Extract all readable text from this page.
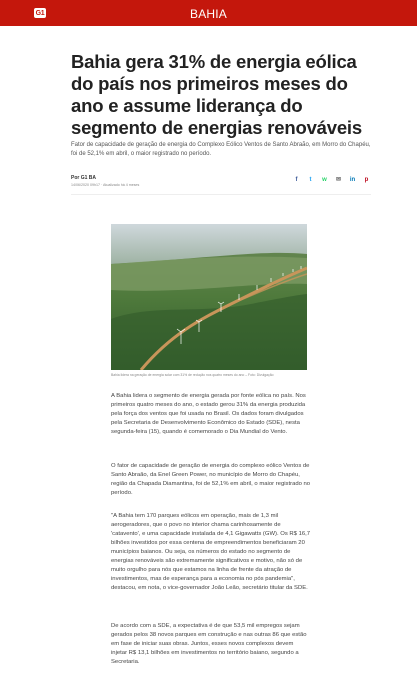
G1	BAHIA
Bahia gera 31% de energia eólica do país nos primeiros meses do ano e assume liderança do segmento de energias renováveis

Fator de capacidade de geração de energia do Complexo Eólico Ventos de Santo Abraão, em Morro do Chapéu, foi de 52,1% em abril, o maior registrado no período.

Por G1 BA
14/06/2020 09h17 · Atualizado há 4 meses
f	t	w ✉ in p
Bahia lidera na geração de energia solar com 31% de redução nos quatro meses do ano – Foto: Divulgação

A Bahia lidera o segmento de energia gerada por fonte eólica no país. Nos primeiros quatro meses do ano, o estado gerou 31% da energia produzida pela força dos ventos que foi usada no Brasil. Os dados foram divulgados pela Secretaria de Desenvolvimento Econômico do Estado (SDE), nesta segunda-feira (15), quando é comemorado o Dia Mundial do Vento.

O fator de capacidade de geração de energia do complexo eólico Ventos de Santo Abraão, da Enel Green Power, no município de Morro do Chapéu, região da Chapada Diamantina, foi de 52,1% em abril, o maior registrado no período.

"A Bahia tem 170 parques eólicos em operação, mais de 1,3 mil aerogeradores, que o povo no interior chama carinhosamente de 'catavento', e uma capacidade instalada de 4,1 Gigawatts (GW). Os R$ 16,7 bilhões investidos por essa centena de empreendimentos beneficiaram 20 municípios baianos. Ou seja, os números do estado no segmento de energias renováveis são extremamente significativos e motivo, não só de muito orgulho para nós que estamos na linha de frente da atração de investimentos, mas de esperança para a economia no pós pandemia", destacou, em nota, o vice-governador João Leão, secretário titular da SDE.

De acordo com a SDE, a expectativa é de que 53,5 mil empregos sejam gerados pelos 38 novos parques em construção e nas outras 86 que estão em fase de iniciar suas obras. Juntos, esses novos complexos devem injetar R$ 13,1 bilhões em investimentos no território baiano, segundo a Secretaria.
